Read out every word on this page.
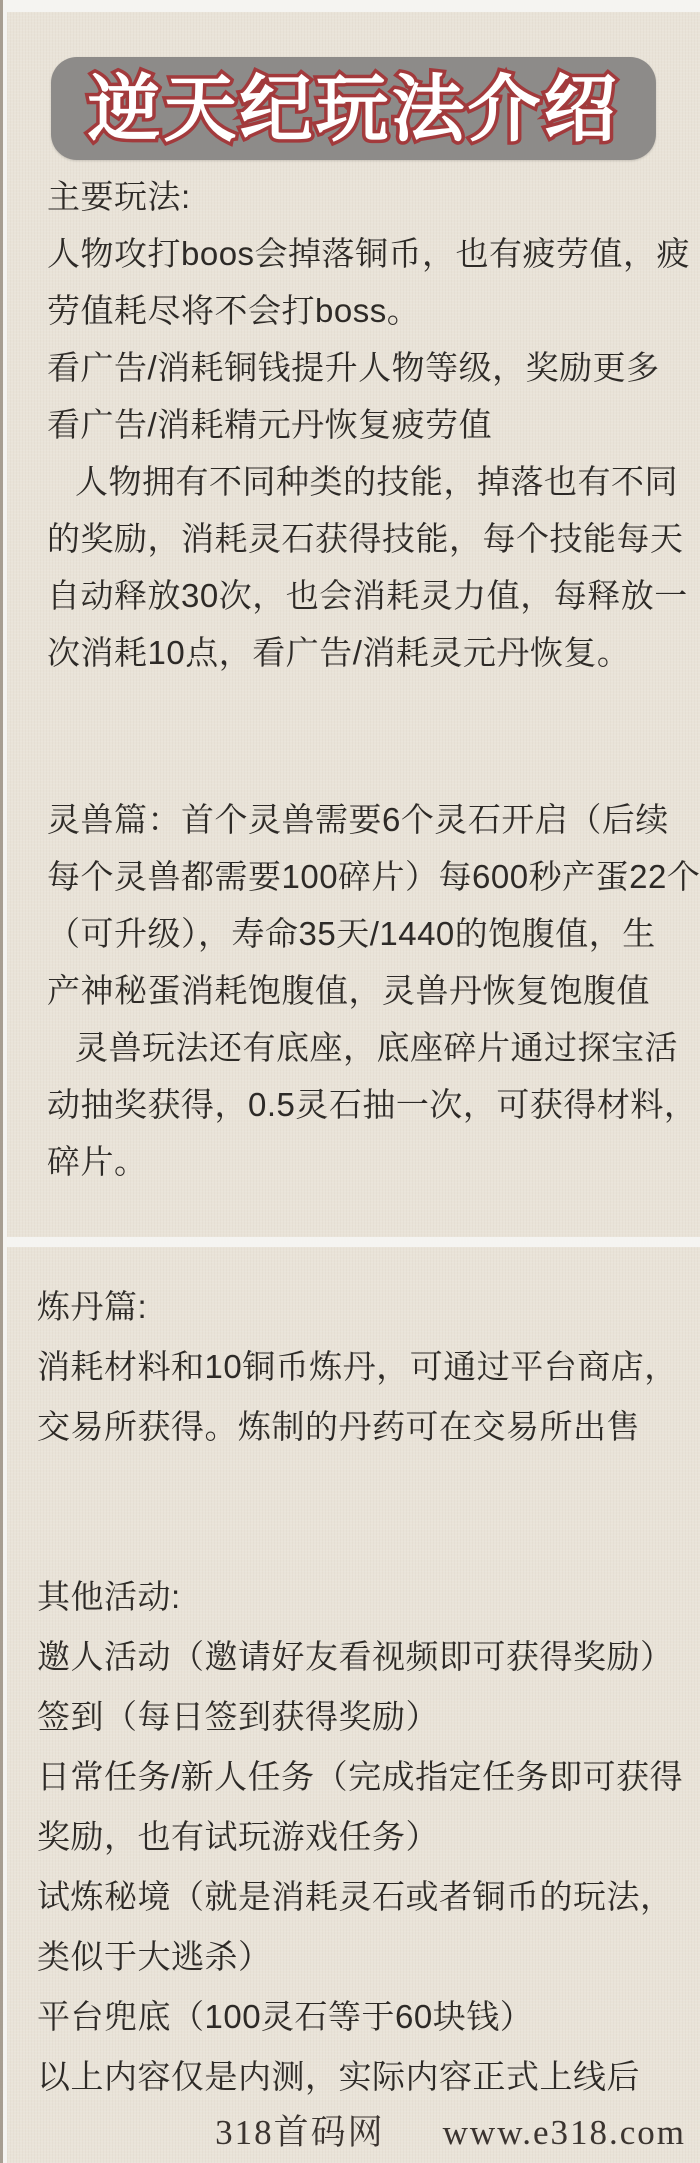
逆天纪玩法介绍
主要玩法:
人物攻打boos会掉落铜币，也有疲劳值，疲
劳值耗尽将不会打boss。
看广告/消耗铜钱提升人物等级，奖励更多
看广告/消耗精元丹恢复疲劳值
人物拥有不同种类的技能，掉落也有不同
的奖励，消耗灵石获得技能，每个技能每天
自动释放30次，也会消耗灵力值，每释放一
次消耗10点，看广告/消耗灵元丹恢复。
灵兽篇：首个灵兽需要6个灵石开启（后续
每个灵兽都需要100碎片）每600秒产蛋22个
（可升级），寿命35天/1440的饱腹值，生
产神秘蛋消耗饱腹值，灵兽丹恢复饱腹值
灵兽玩法还有底座，底座碎片通过探宝活
动抽奖获得，0.5灵石抽一次，可获得材料，
碎片。
炼丹篇:
消耗材料和10铜币炼丹，可通过平台商店，
交易所获得。炼制的丹药可在交易所出售
其他活动:
邀人活动（邀请好友看视频即可获得奖励）
签到（每日签到获得奖励）
日常任务/新人任务（完成指定任务即可获得
奖励，也有试玩游戏任务）
试炼秘境（就是消耗灵石或者铜币的玩法，
类似于大逃杀）
平台兜底（100灵石等于60块钱）
以上内容仅是内测，实际内容正式上线后
318首码网 www.e318.com
